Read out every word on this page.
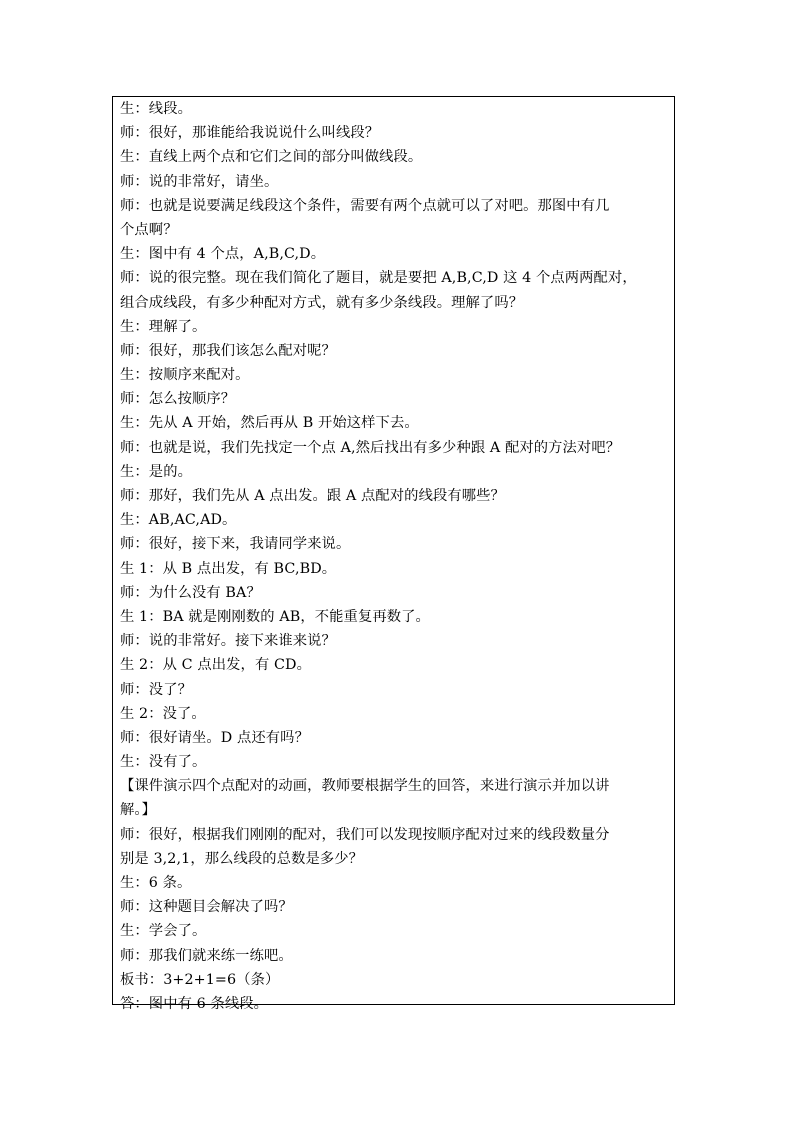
生：线段。
师：很好，那谁能给我说说什么叫线段？
生：直线上两个点和它们之间的部分叫做线段。
师：说的非常好，请坐。
师：也就是说要满足线段这个条件，需要有两个点就可以了对吧。那图中有几
个点啊？
生：图中有 4 个点，A,B,C,D。
师：说的很完整。现在我们简化了题目，就是要把 A,B,C,D 这 4 个点两两配对，
组合成线段，有多少种配对方式，就有多少条线段。理解了吗？
生：理解了。
师：很好，那我们该怎么配对呢？
生：按顺序来配对。
师：怎么按顺序？
生：先从 A 开始，然后再从 B 开始这样下去。
师：也就是说，我们先找定一个点 A,然后找出有多少种跟 A 配对的方法对吧？
生：是的。
师：那好，我们先从 A 点出发。跟 A 点配对的线段有哪些？
生：AB,AC,AD。
师：很好，接下来，我请同学来说。
生 1：从 B 点出发，有 BC,BD。
师：为什么没有 BA？
生 1：BA 就是刚刚数的 AB，不能重复再数了。
师：说的非常好。接下来谁来说？
生 2：从 C 点出发，有 CD。
师：没了？
生 2：没了。
师：很好请坐。D 点还有吗？
生：没有了。
【课件演示四个点配对的动画，教师要根据学生的回答，来进行演示并加以讲
解。】
师：很好，根据我们刚刚的配对，我们可以发现按顺序配对过来的线段数量分
别是 3,2,1，那么线段的总数是多少？
生：6 条。
师：这种题目会解决了吗？
生：学会了。
师：那我们就来练一练吧。
板书：3+2+1=6（条）
答：图中有 6 条线段。
